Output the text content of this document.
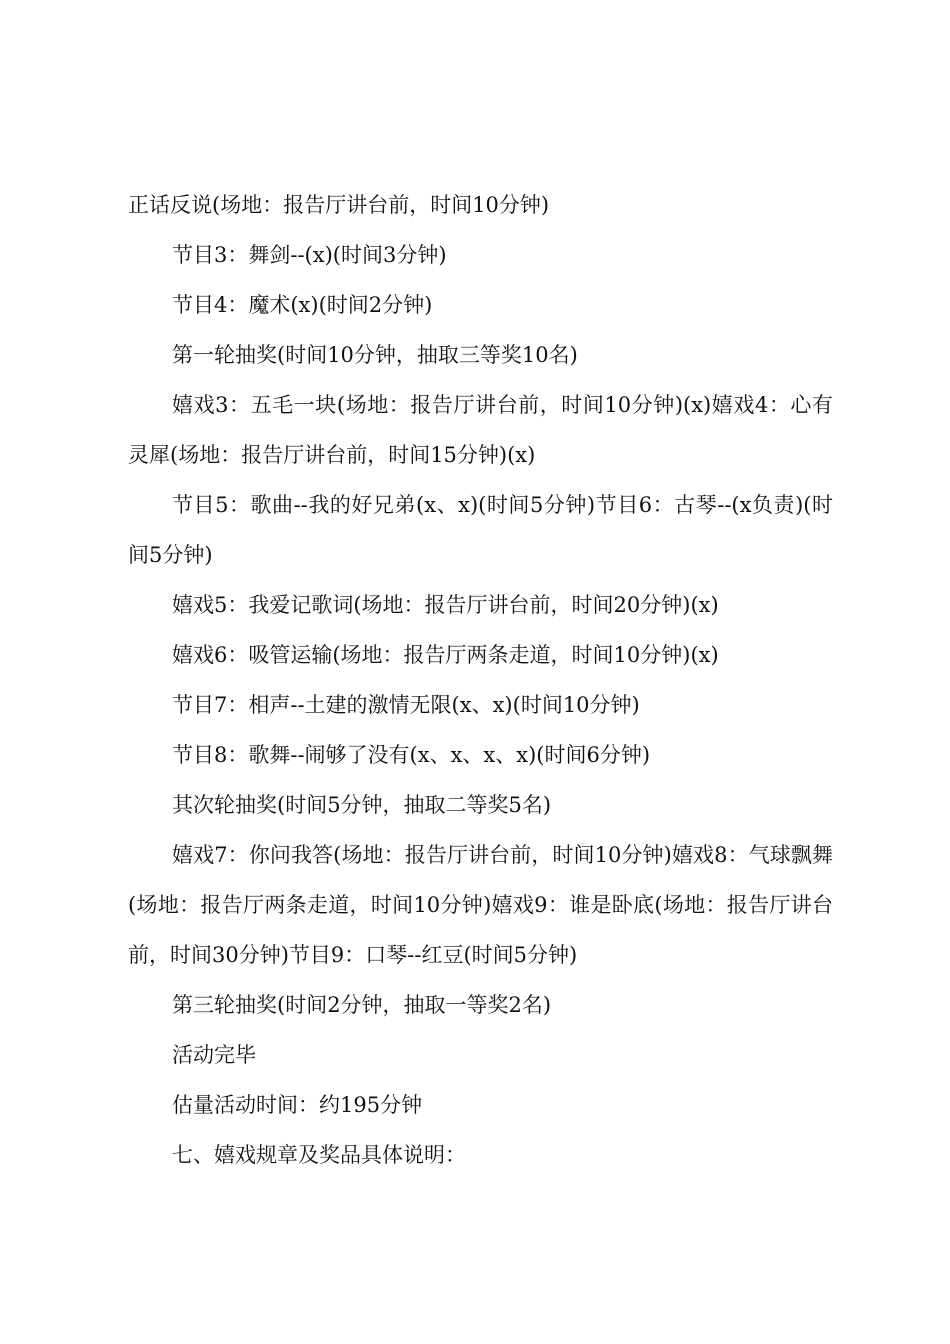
正话反说(场地：报告厅讲台前，时间10分钟)

节目3：舞剑--(x)(时间3分钟)

节目4：魔术(x)(时间2分钟)

第一轮抽奖(时间10分钟，抽取三等奖10名)

嬉戏3：五毛一块(场地：报告厅讲台前，时间10分钟)(x)嬉戏4：心有灵犀(场地：报告厅讲台前，时间15分钟)(x)

节目5：歌曲--我的好兄弟(x、x)(时间5分钟)节目6：古琴--(x负责)(时间5分钟)

嬉戏5：我爱记歌词(场地：报告厅讲台前，时间20分钟)(x)

嬉戏6：吸管运输(场地：报告厅两条走道，时间10分钟)(x)

节目7：相声--土建的激情无限(x、x)(时间10分钟)

节目8：歌舞--闹够了没有(x、x、x、x)(时间6分钟)

其次轮抽奖(时间5分钟，抽取二等奖5名)

嬉戏7：你问我答(场地：报告厅讲台前，时间10分钟)嬉戏8：气球飘舞(场地：报告厅两条走道，时间10分钟)嬉戏9：谁是卧底(场地：报告厅讲台前，时间30分钟)节目9：口琴--红豆(时间5分钟)

第三轮抽奖(时间2分钟，抽取一等奖2名)

活动完毕

估量活动时间：约195分钟

七、嬉戏规章及奖品具体说明：
